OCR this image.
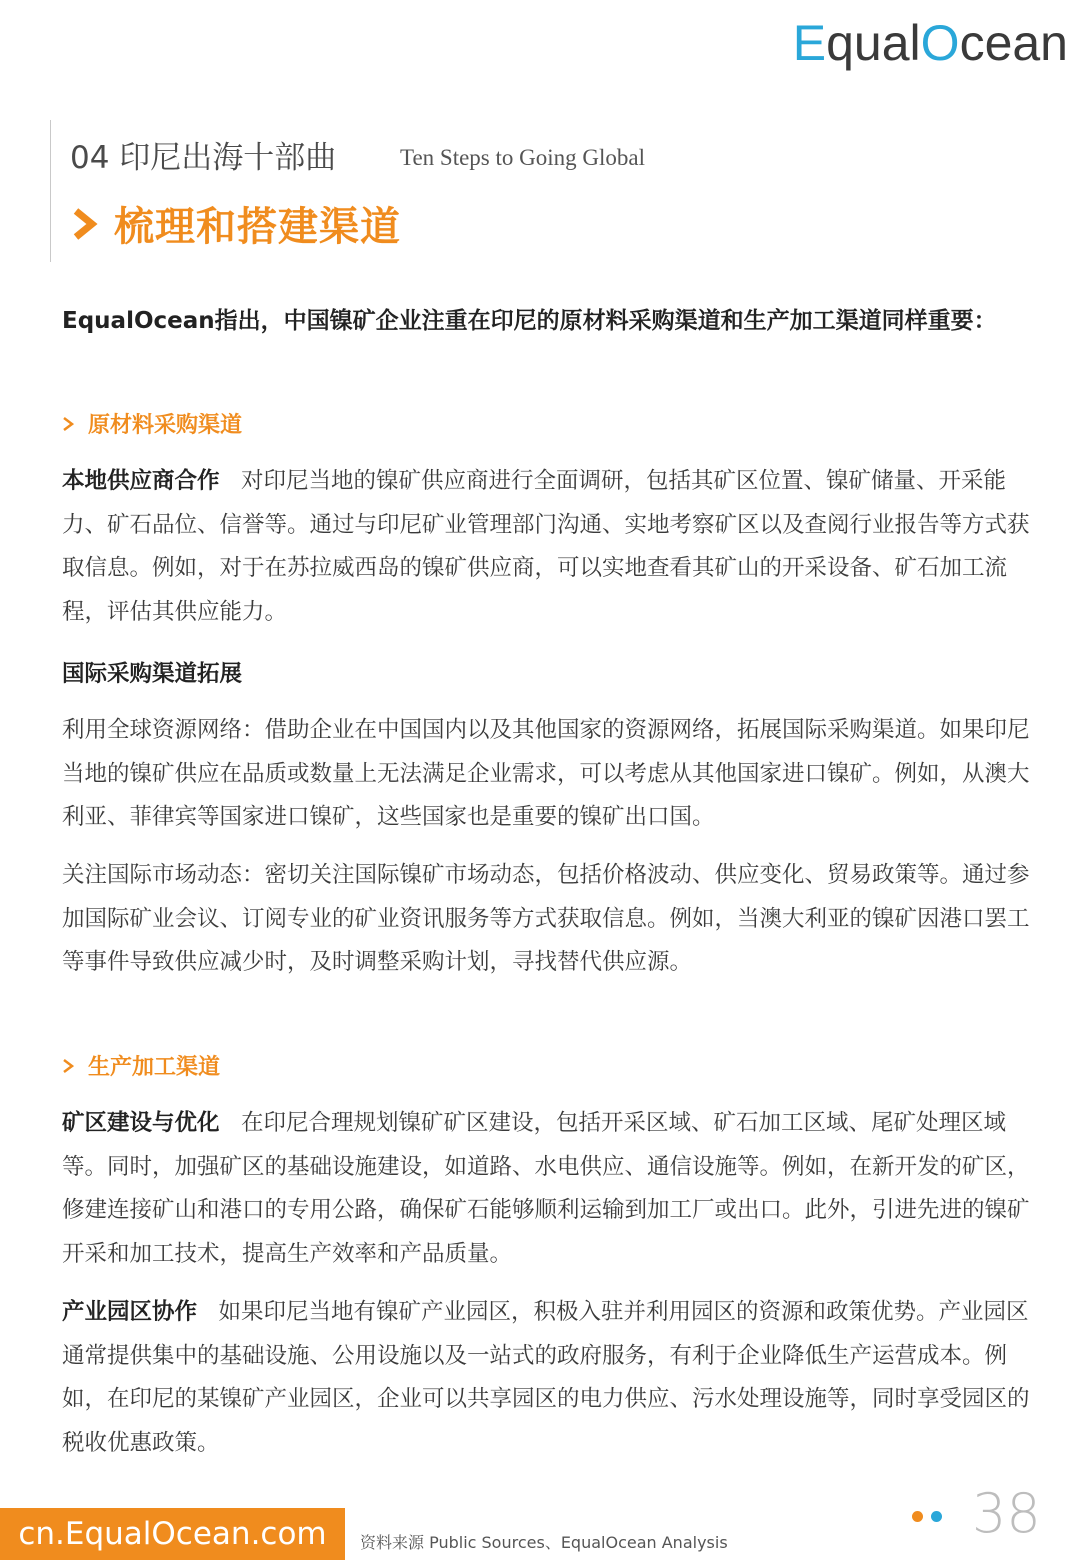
EqualOcean
04 印尼出海十部曲	Ten Steps to Going Global
梳理和搭建渠道
EqualOcean指出，中国镍矿企业注重在印尼的原材料采购渠道和生产加工渠道同样重要：
原材料采购渠道
本地供应商合作 对印尼当地的镍矿供应商进行全面调研，包括其矿区位置、镍矿储量、开采能力、矿石品位、信誉等。通过与印尼矿业管理部门沟通、实地考察矿区以及查阅行业报告等方式获取信息。例如，对于在苏拉威西岛的镍矿供应商，可以实地查看其矿山的开采设备、矿石加工流程，评估其供应能力。
国际采购渠道拓展
利用全球资源网络：借助企业在中国国内以及其他国家的资源网络，拓展国际采购渠道。如果印尼当地的镍矿供应在品质或数量上无法满足企业需求，可以考虑从其他国家进口镍矿。例如，从澳大利亚、菲律宾等国家进口镍矿，这些国家也是重要的镍矿出口国。
关注国际市场动态：密切关注国际镍矿市场动态，包括价格波动、供应变化、贸易政策等。通过参加国际矿业会议、订阅专业的矿业资讯服务等方式获取信息。例如，当澳大利亚的镍矿因港口罢工等事件导致供应减少时，及时调整采购计划，寻找替代供应源。
生产加工渠道
矿区建设与优化 在印尼合理规划镍矿矿区建设，包括开采区域、矿石加工区域、尾矿处理区域等。同时，加强矿区的基础设施建设，如道路、水电供应、通信设施等。例如，在新开发的矿区，修建连接矿山和港口的专用公路，确保矿石能够顺利运输到加工厂或出口。此外，引进先进的镍矿开采和加工技术，提高生产效率和产品质量。
产业园区协作 如果印尼当地有镍矿产业园区，积极入驻并利用园区的资源和政策优势。产业园区通常提供集中的基础设施、公用设施以及一站式的政府服务，有利于企业降低生产运营成本。例如，在印尼的某镍矿产业园区，企业可以共享园区的电力供应、污水处理设施等，同时享受园区的税收优惠政策。
cn.EqualOcean.com	资料来源 Public Sources、EqualOcean Analysis	38
